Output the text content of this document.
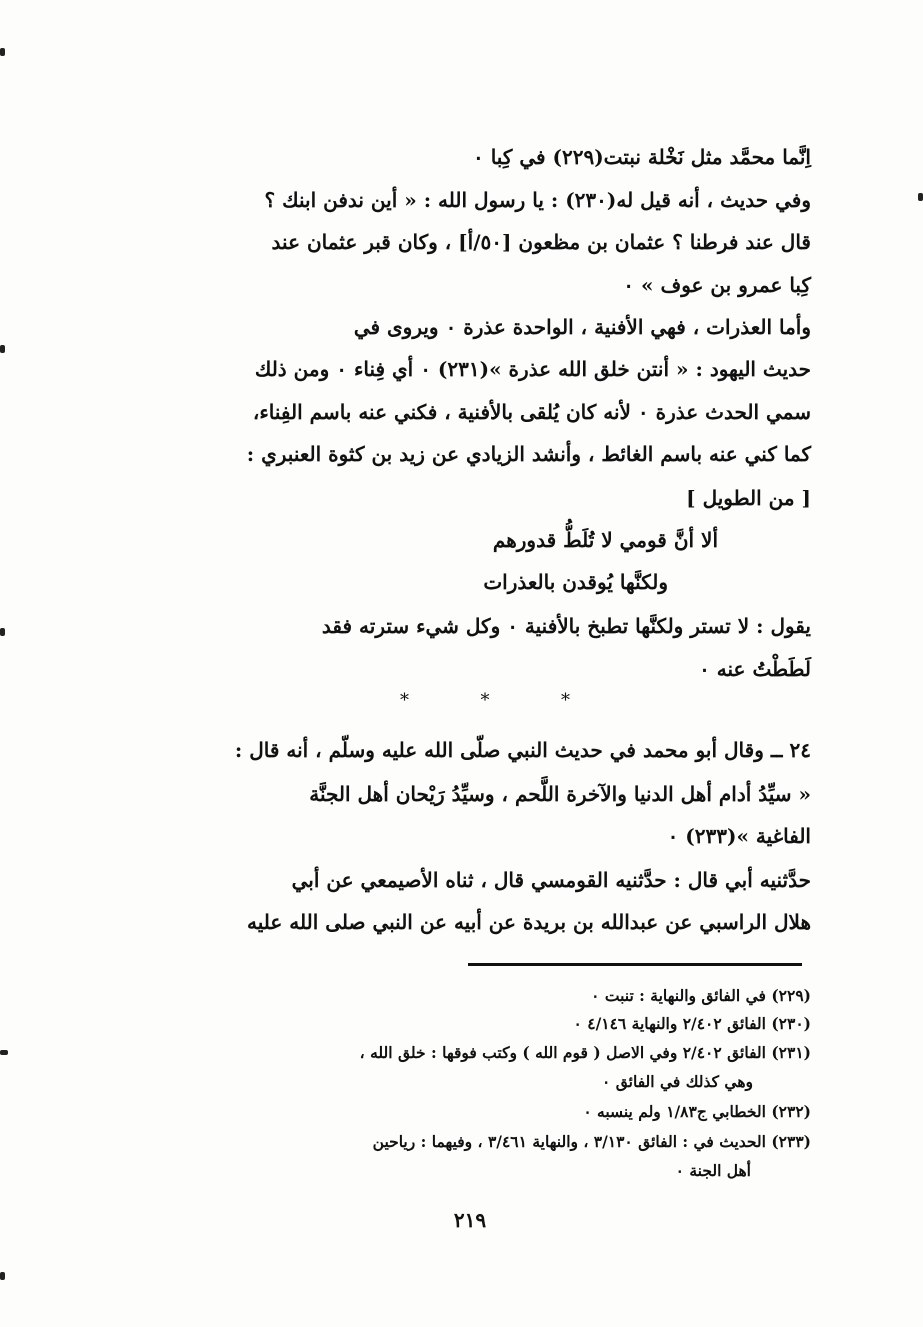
اِنَّما محمَّد مثل نَخْلة نبتت(٢٢٩) في كِبا ٠
وفي حديث ، أنه قيل له(٢٣٠) : يا رسول الله : « أين ندفن ابنك ؟
قال عند فرطنا ؟ عثمان بن مظعون [٥٠/أ] ، وكان قبر عثمان عند
كِبا عمرو بن عوف » ٠
وأما العذرات ، فهي الأفنية ، الواحدة عذرة ٠ ويروى في
حديث اليهود : « أنتن خلق الله عذرة »(٢٣١) ٠ أي فِناء ٠ ومن ذلك
سمي الحدث عذرة ٠ لأنه كان يُلقى بالأفنية ، فكني عنه باسم الفِناء،
كما كني عنه باسم الغائط ، وأنشد الزيادي عن زيد بن كثوة العنبري :
[ من الطويل ]
ألا أنَّ قومي لا تُلَطُّ قدورهم
ولكنَّها يُوقدن بالعذرات
يقول : لا تستر ولكنَّها تطبخ بالأفنية ٠ وكل شيء سترته فقد
لَطَطْتُ عنه ٠
*	*	*
٢٤ ــ وقال أبو محمد في حديث النبي صلّى الله عليه وسلّم ، أنه قال :
« سيِّدُ أدام أهل الدنيا والآخرة اللَّحم ، وسيِّدُ رَيْحان أهل الجنَّة
الفاغية »(٢٣٣) ٠
حدَّثنيه أبي قال : حدَّثنيه القومسي قال ، ثناه الأصيمعي عن أبي
هلال الراسبي عن عبدالله بن بريدة عن أبيه عن النبي صلى الله عليه
(٢٢٩) في الفائق والنهاية : تنبت ٠
(٢٣٠) الفائق ٢/٤٠٢ والنهاية ٤/١٤٦ ٠
(٢٣١) الفائق ٢/٤٠٢ وفي الاصل ( قوم الله ) وكتب فوقها : خلق الله ،
وهي كذلك في الفائق ٠
(٢٣٢) الخطابي ج١/٨٣ ولم ينسبه ٠
(٢٣٣) الحديث في : الفائق ٣/١٣٠ ، والنهاية ٣/٤٦١ ، وفيهما : رياحين
أهل الجنة ٠
٢١٩
